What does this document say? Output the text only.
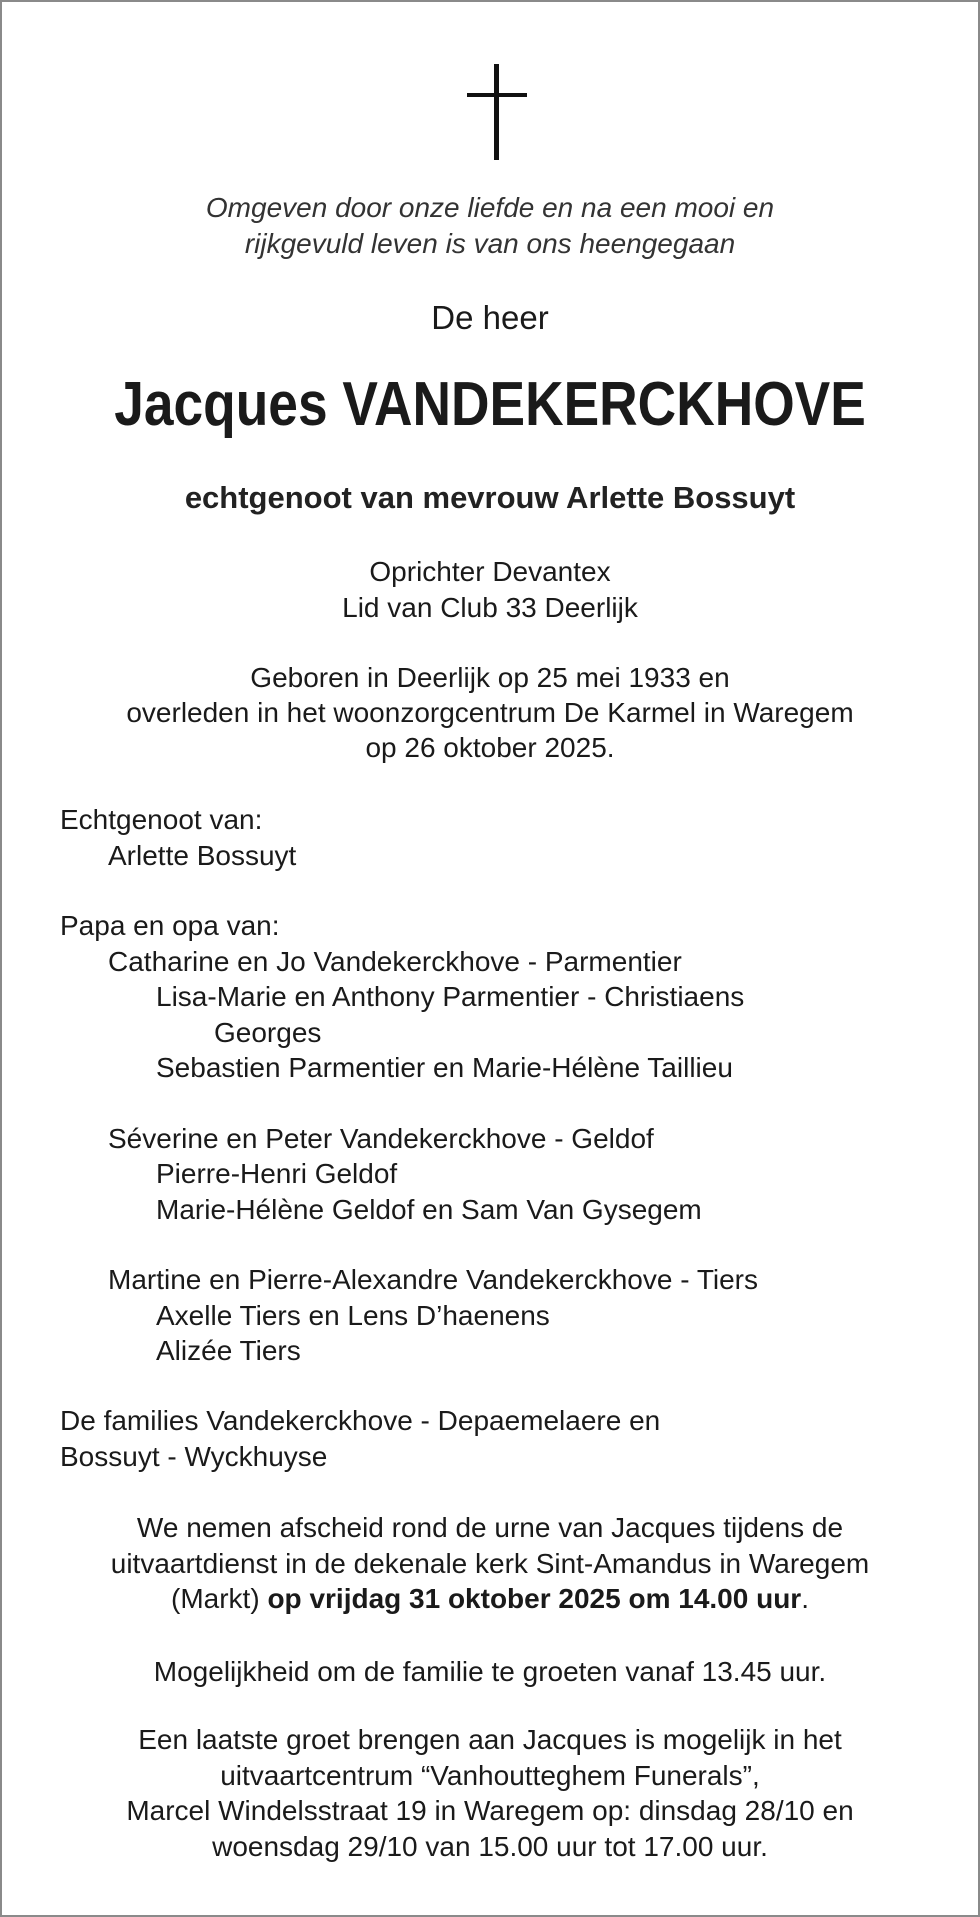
Omgeven door onze liefde en na een mooi en
rijkgevuld leven is van ons heengegaan
De heer
Jacques VANDEKERCKHOVE
echtgenoot van mevrouw Arlette Bossuyt
Oprichter Devantex
Lid van Club 33 Deerlijk
Geboren in Deerlijk op 25 mei 1933 en
overleden in het woonzorgcentrum De Karmel in Waregem
op 26 oktober 2025.
Echtgenoot van:
Arlette Bossuyt
Papa en opa van:
Catharine en Jo Vandekerckhove - Parmentier
Lisa-Marie en Anthony Parmentier - Christiaens
Georges
Sebastien Parmentier en Marie-Hélène Taillieu
Séverine en Peter Vandekerckhove - Geldof
Pierre-Henri Geldof
Marie-Hélène Geldof en Sam Van Gysegem
Martine en Pierre-Alexandre Vandekerckhove - Tiers
Axelle Tiers en Lens D’haenens
Alizée Tiers
De families Vandekerckhove - Depaemelaere en
Bossuyt - Wyckhuyse
We nemen afscheid rond de urne van Jacques tijdens de
uitvaartdienst in de dekenale kerk Sint-Amandus in Waregem
(Markt) op vrijdag 31 oktober 2025 om 14.00 uur.
Mogelijkheid om de familie te groeten vanaf 13.45 uur.
Een laatste groet brengen aan Jacques is mogelijk in het
uitvaartcentrum “Vanhoutteghem Funerals”,
Marcel Windelsstraat 19 in Waregem op: dinsdag 28/10 en
woensdag 29/10 van 15.00 uur tot 17.00 uur.
